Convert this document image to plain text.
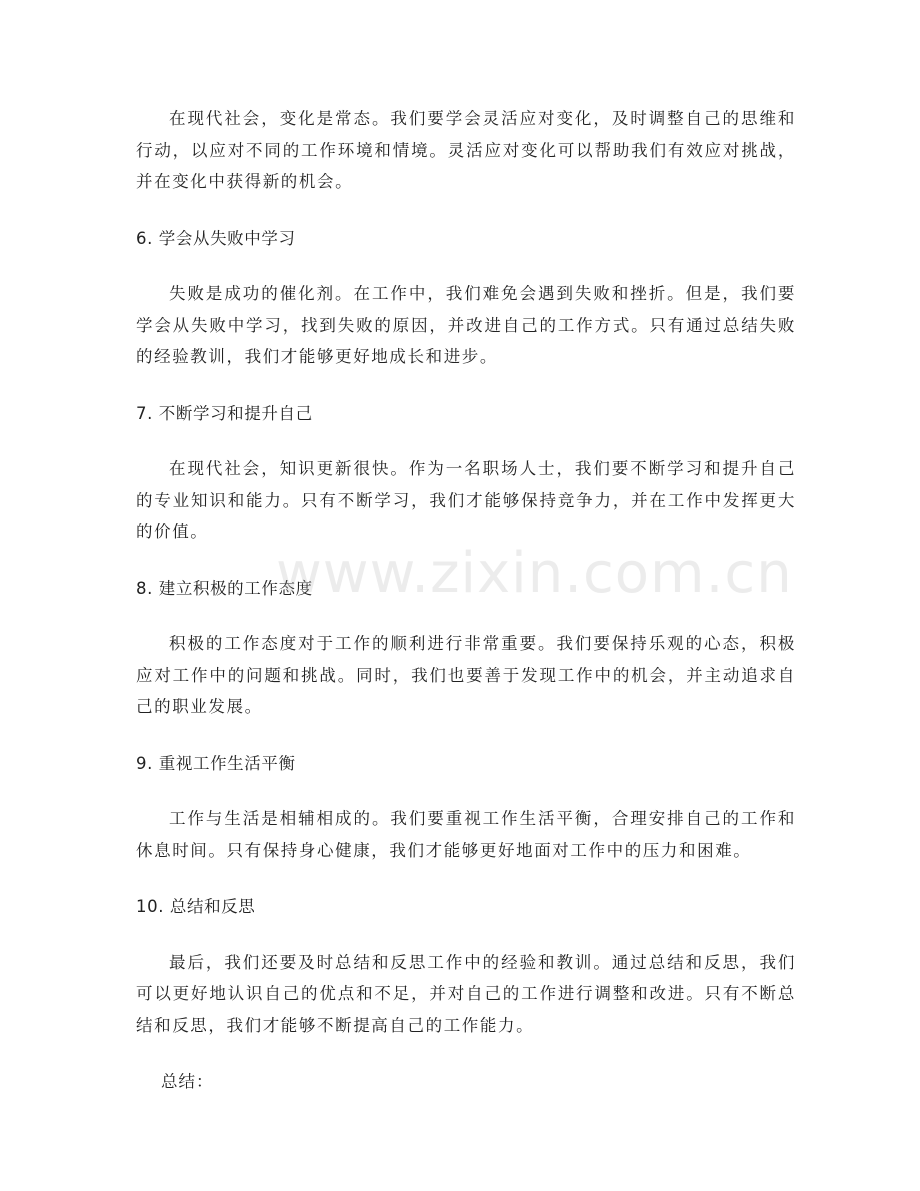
在现代社会，变化是常态。我们要学会灵活应对变化，及时调整自己的思维和行动，以应对不同的工作环境和情境。灵活应对变化可以帮助我们有效应对挑战，并在变化中获得新的机会。

6. 学会从失败中学习

失败是成功的催化剂。在工作中，我们难免会遇到失败和挫折。但是，我们要学会从失败中学习，找到失败的原因，并改进自己的工作方式。只有通过总结失败的经验教训，我们才能够更好地成长和进步。

7. 不断学习和提升自己

在现代社会，知识更新很快。作为一名职场人士，我们要不断学习和提升自己的专业知识和能力。只有不断学习，我们才能够保持竞争力，并在工作中发挥更大的价值。

8. 建立积极的工作态度

积极的工作态度对于工作的顺利进行非常重要。我们要保持乐观的心态，积极应对工作中的问题和挑战。同时，我们也要善于发现工作中的机会，并主动追求自己的职业发展。

9. 重视工作生活平衡

工作与生活是相辅相成的。我们要重视工作生活平衡，合理安排自己的工作和休息时间。只有保持身心健康，我们才能够更好地面对工作中的压力和困难。

10. 总结和反思

最后，我们还要及时总结和反思工作中的经验和教训。通过总结和反思，我们可以更好地认识自己的优点和不足，并对自己的工作进行调整和改进。只有不断总结和反思，我们才能够不断提高自己的工作能力。

总结：

www.zixin.com.cn
